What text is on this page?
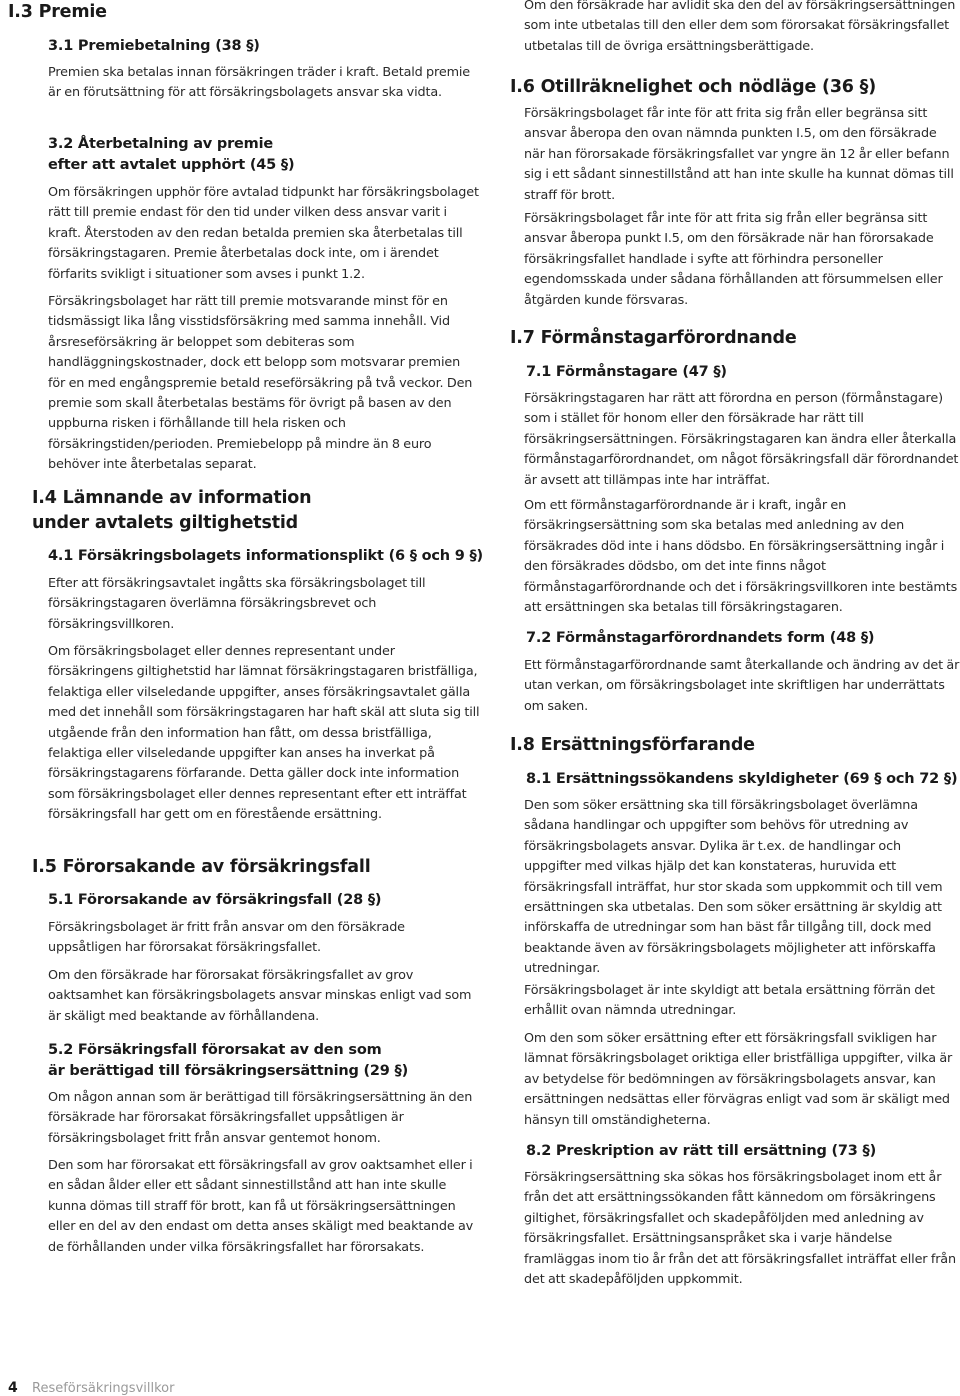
I.3 Premie
3.1 Premiebetalning (38 §)
Premien ska betalas innan försäkringen träder i kraft. Betald premie är en förutsättning för att försäkringsbolagets ansvar ska vidta.
3.2 Återbetalning av premie
efter att avtalet upphört (45 §)
Om försäkringen upphör före avtalad tidpunkt har försäkringsbolaget rätt till premie endast för den tid under vilken dess ansvar varit i kraft. Återstoden av den redan betalda premien ska återbetalas till försäkringstagaren. Premie återbetalas dock inte, om i ärendet förfarits svikligt i situationer som avses i punkt 1.2.
Försäkringsbolaget har rätt till premie motsvarande minst för en tidsmässigt lika lång visstidsförsäkring med samma innehåll. Vid årsreseförsäkring är beloppet som debiteras som handläggningskostnader, dock ett belopp som motsvarar premien för en med engångspremie betald reseförsäkring på två veckor. Den premie som skall återbetalas bestäms för övrigt på basen av den uppburna risken i förhållande till hela risken och försäkringstiden/perioden. Premiebelopp på mindre än 8 euro behöver inte återbetalas separat.
I.4 Lämnande av information
under avtalets giltighetstid
4.1 Försäkringsbolagets informationsplikt (6 § och 9 §)
Efter att försäkringsavtalet ingåtts ska försäkringsbolaget till försäkringstagaren överlämna försäkringsbrevet och försäkringsvillkoren.
Om försäkringsbolaget eller dennes representant under försäkringens giltighetstid har lämnat försäkringstagaren bristfälliga, felaktiga eller vilseledande uppgifter, anses försäkringsavtalet gälla med det innehåll som försäkringstagaren har haft skäl att sluta sig till utgående från den information han fått, om dessa bristfälliga, felaktiga eller vilseledande uppgifter kan anses ha inverkat på försäkringstagarens förfarande. Detta gäller dock inte information som försäkringsbolaget eller dennes representant efter ett inträffat försäkringsfall har gett om en förestående ersättning.
I.5 Förorsakande av försäkringsfall
5.1 Förorsakande av försäkringsfall (28 §)
Försäkringsbolaget är fritt från ansvar om den försäkrade uppsåtligen har förorsakat försäkringsfallet.
Om den försäkrade har förorsakat försäkringsfallet av grov oaktsamhet kan försäkringsbolagets ansvar minskas enligt vad som är skäligt med beaktande av förhållandena.
5.2 Försäkringsfall förorsakat av den som
är berättigad till försäkringsersättning (29 §)
Om någon annan som är berättigad till försäkringsersättning än den försäkrade har förorsakat försäkringsfallet uppsåtligen är försäkringsbolaget fritt från ansvar gentemot honom.
Den som har förorsakat ett försäkringsfall av grov oaktsamhet eller i en sådan ålder eller ett sådant sinnestillstånd att han inte skulle kunna dömas till straff för brott, kan få ut försäkringsersättningen eller en del av den endast om detta anses skäligt med beaktande av de förhållanden under vilka försäkringsfallet har förorsakats.
Om den försäkrade har avlidit ska den del av försäkringsersättningen som inte utbetalas till den eller dem som förorsakat försäkringsfallet utbetalas till de övriga ersättningsberättigade.
I.6 Otillräknelighet och nödläge (36 §)
Försäkringsbolaget får inte för att frita sig från eller begränsa sitt ansvar åberopa den ovan nämnda punkten I.5, om den försäkrade när han förorsakade försäkringsfallet var yngre än 12 år eller befann sig i ett sådant sinnestillstånd att han inte skulle ha kunnat dömas till straff för brott.
Försäkringsbolaget får inte för att frita sig från eller begränsa sitt ansvar åberopa punkt I.5, om den försäkrade när han förorsakade försäkringsfallet handlade i syfte att förhindra personeller egendomsskada under sådana förhållanden att försummelsen eller åtgärden kunde försvaras.
I.7 Förmånstagarförordnande
7.1 Förmånstagare (47 §)
Försäkringstagaren har rätt att förordna en person (förmånstagare) som i stället för honom eller den försäkrade har rätt till försäkringsersättningen. Försäkringstagaren kan ändra eller återkalla förmånstagarförordnandet, om något försäkringsfall där förordnandet är avsett att tillämpas inte har inträffat.
Om ett förmånstagarförordnande är i kraft, ingår en försäkringsersättning som ska betalas med anledning av den försäkrades död inte i hans dödsbo. En försäkringsersättning ingår i den försäkrades dödsbo, om det inte finns något förmånstagarförordnande och det i försäkringsvillkoren inte bestämts att ersättningen ska betalas till försäkringstagaren.
7.2 Förmånstagarförordnandets form (48 §)
Ett förmånstagarförordnande samt återkallande och ändring av det är utan verkan, om försäkringsbolaget inte skriftligen har underrättats om saken.
I.8 Ersättningsförfarande
8.1 Ersättningssökandens skyldigheter (69 § och 72 §)
Den som söker ersättning ska till försäkringsbolaget överlämna sådana handlingar och uppgifter som behövs för utredning av försäkringsbolagets ansvar. Dylika är t.ex. de handlingar och uppgifter med vilkas hjälp det kan konstateras, huruvida ett försäkringsfall inträffat, hur stor skada som uppkommit och till vem ersättningen ska utbetalas. Den som söker ersättning är skyldig att införskaffa de utredningar som han bäst får tillgång till, dock med beaktande även av försäkringsbolagets möjligheter att införskaffa utredningar.
Försäkringsbolaget är inte skyldigt att betala ersättning förrän det erhållit ovan nämnda utredningar.
Om den som söker ersättning efter ett försäkringsfall svikligen har lämnat försäkringsbolaget oriktiga eller bristfälliga uppgifter, vilka är av betydelse för bedömningen av försäkringsbolagets ansvar, kan ersättningen nedsättas eller förvägras enligt vad som är skäligt med hänsyn till omständigheterna.
8.2 Preskription av rätt till ersättning (73 §)
Försäkringsersättning ska sökas hos försäkringsbolaget inom ett år från det att ersättningssökanden fått kännedom om försäkringens giltighet, försäkringsfallet och skadepåföljden med anledning av försäkringsfallet. Ersättningsanspråket ska i varje händelse framläggas inom tio år från det att försäkringsfallet inträffat eller från det att skadepåföljden uppkommit.
4 Reseförsäkringsvillkor
